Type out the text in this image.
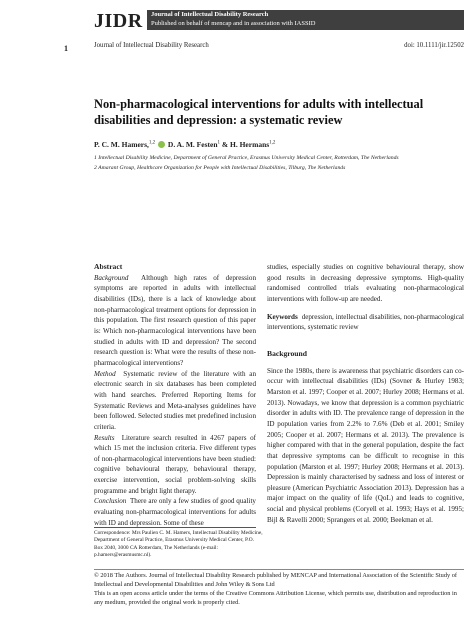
JIDR Journal of Intellectual Disability Research
Published on behalf of mencap and in association with IASSID
1	Journal of Intellectual Disability Research	doi: 10.1111/jir.12502
Non-pharmacological interventions for adults with intellectual disabilities and depression: a systematic review
P. C. M. Hamers,$^{1,2}$ D. A. M. Festen$^1$ & H. Hermans$^{1,2}$
1 Intellectual Disability Medicine, Department of General Practice, Erasmus University Medical Center, Rotterdam, The Netherlands
2 Amarant Group, Healthcare Organization for People with Intellectual Disabilities, Tilburg, The Netherlands

Abstract

Background Although high rates of depression symptoms are reported in adults with intellectual disabilities (IDs), there is a lack of knowledge about non-pharmacological treatment options for depression in this population. The first research question of this paper is: Which non-pharmacological interventions have been studied in adults with ID and depression? The second research question is: What were the results of these non-pharmacological interventions?

Method Systematic review of the literature with an electronic search in six databases has been completed with hand searches. Preferred Reporting Items for Systematic Reviews and Meta-analyses guidelines have been followed. Selected studies met predefined inclusion criteria.

Results Literature search resulted in 4267 papers of which 15 met the inclusion criteria. Five different types of non-pharmacological interventions have been studied: cognitive behavioural therapy, behavioural therapy, exercise intervention, social problem-solving skills programme and bright light therapy.

Conclusion There are only a few studies of good quality evaluating non-pharmacological interventions for adults with ID and depression. Some of these

studies, especially studies on cognitive behavioural therapy, show good results in decreasing depressive symptoms. High-quality randomised controlled trials evaluating non-pharmacological interventions with follow-up are needed.

Keywords depression, intellectual disabilities, non-pharmacological interventions, systematic review

Background

Since the 1980s, there is awareness that psychiatric disorders can co-occur with intellectual disabilities (IDs) (Sovner & Hurley 1983; Marston et al. 1997; Cooper et al. 2007; Hurley 2008; Hermans et al. 2013). Nowadays, we know that depression is a common psychiatric disorder in adults with ID. The prevalence range of depression in the ID population varies from 2.2% to 7.6% (Deb et al. 2001; Smiley 2005; Cooper et al. 2007; Hermans et al. 2013). The prevalence is higher compared with that in the general population, despite the fact that depressive symptoms can be difficult to recognise in this population (Marston et al. 1997; Hurley 2008; Hermans et al. 2013). Depression is mainly characterised by sadness and loss of interest or pleasure (American Psychiatric Association 2013). Depression has a major impact on the quality of life (QoL) and leads to cognitive, social and physical problems (Coryell et al. 1993; Hays et al. 1995; Bijl & Ravelli 2000; Sprangers et al. 2000; Beekman et al.

Correspondence: Mrs Paulien C. M. Hamers, Intellectual Disability Medicine, Department of General Practice, Erasmus University Medical Center, P.O. Box 2040, 3000 CA Rotterdam, The Netherlands (e-mail: p.hamers@erasmusmc.nl).
© 2018 The Authors. Journal of Intellectual Disability Research published by MENCAP and International Association of the Scientific Study of Intellectual and Developmental Disabilities and John Wiley & Sons Ltd
This is an open access article under the terms of the Creative Commons Attribution License, which permits use, distribution and reproduction in any medium, provided the original work is properly cited.
